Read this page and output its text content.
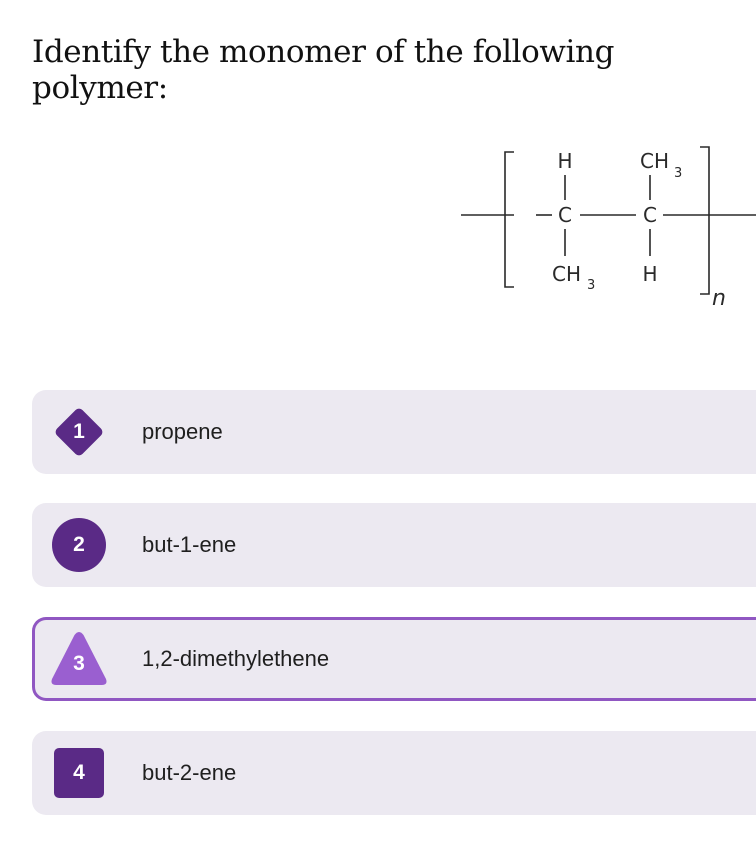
Identify the monomer of the following polymer:
H
C
CH 3
CH
3
C
H
n
1	propene
2	but-1-ene
3	1,2-dimethylethene
4	but-2-ene
